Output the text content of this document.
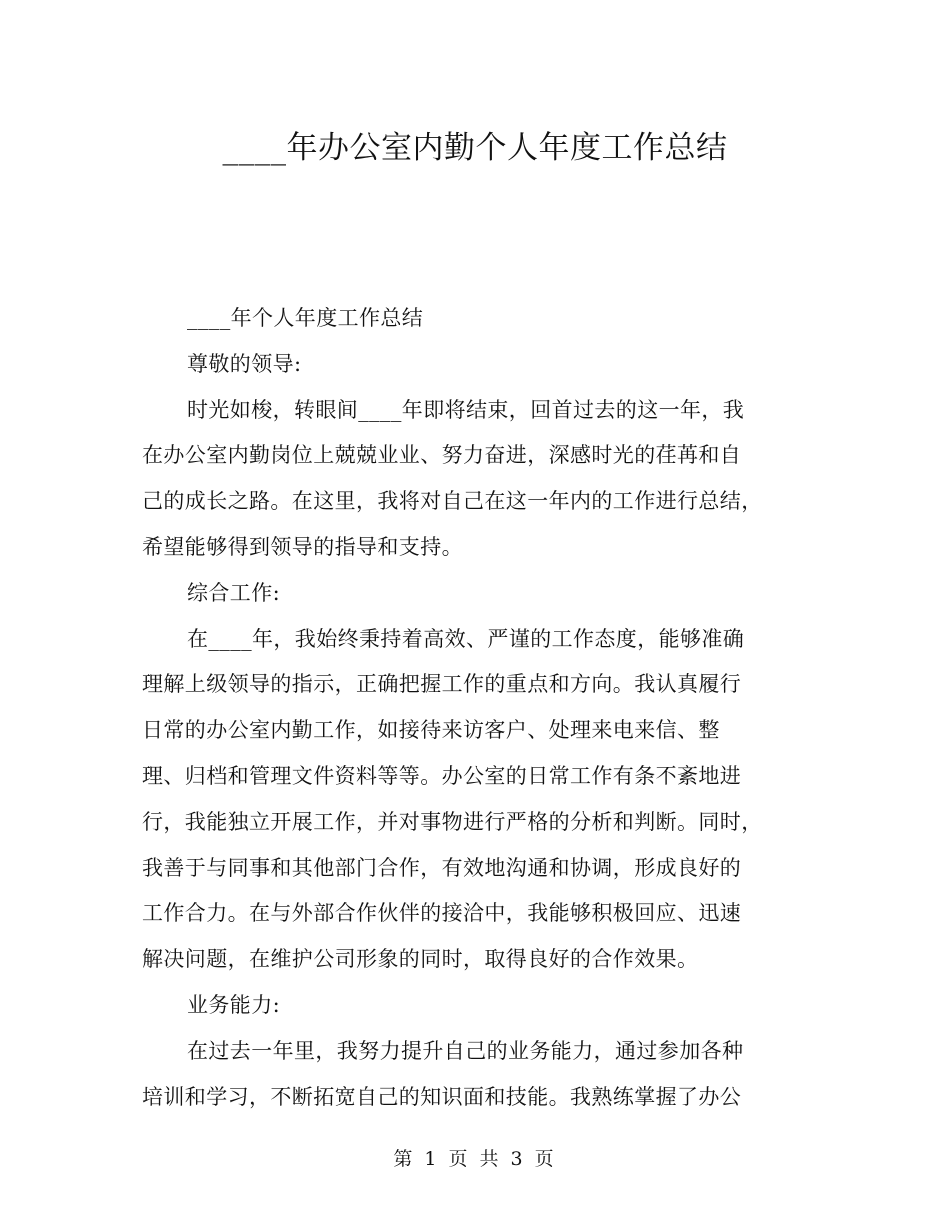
____年办公室内勤个人年度工作总结
____年个人年度工作总结
尊敬的领导:
时光如梭，转眼间____年即将结束，回首过去的这一年，我
在办公室内勤岗位上兢兢业业、努力奋进，深感时光的荏苒和自
己的成长之路。在这里，我将对自己在这一年内的工作进行总结，
希望能够得到领导的指导和支持。
综合工作:
在____年，我始终秉持着高效、严谨的工作态度，能够准确
理解上级领导的指示，正确把握工作的重点和方向。我认真履行
日常的办公室内勤工作，如接待来访客户、处理来电来信、整
理、归档和管理文件资料等等。办公室的日常工作有条不紊地进
行，我能独立开展工作，并对事物进行严格的分析和判断。同时，
我善于与同事和其他部门合作，有效地沟通和协调，形成良好的
工作合力。在与外部合作伙伴的接洽中，我能够积极回应、迅速
解决问题，在维护公司形象的同时，取得良好的合作效果。
业务能力:
在过去一年里，我努力提升自己的业务能力，通过参加各种
培训和学习，不断拓宽自己的知识面和技能。我熟练掌握了办公
第 1 页 共 3 页
